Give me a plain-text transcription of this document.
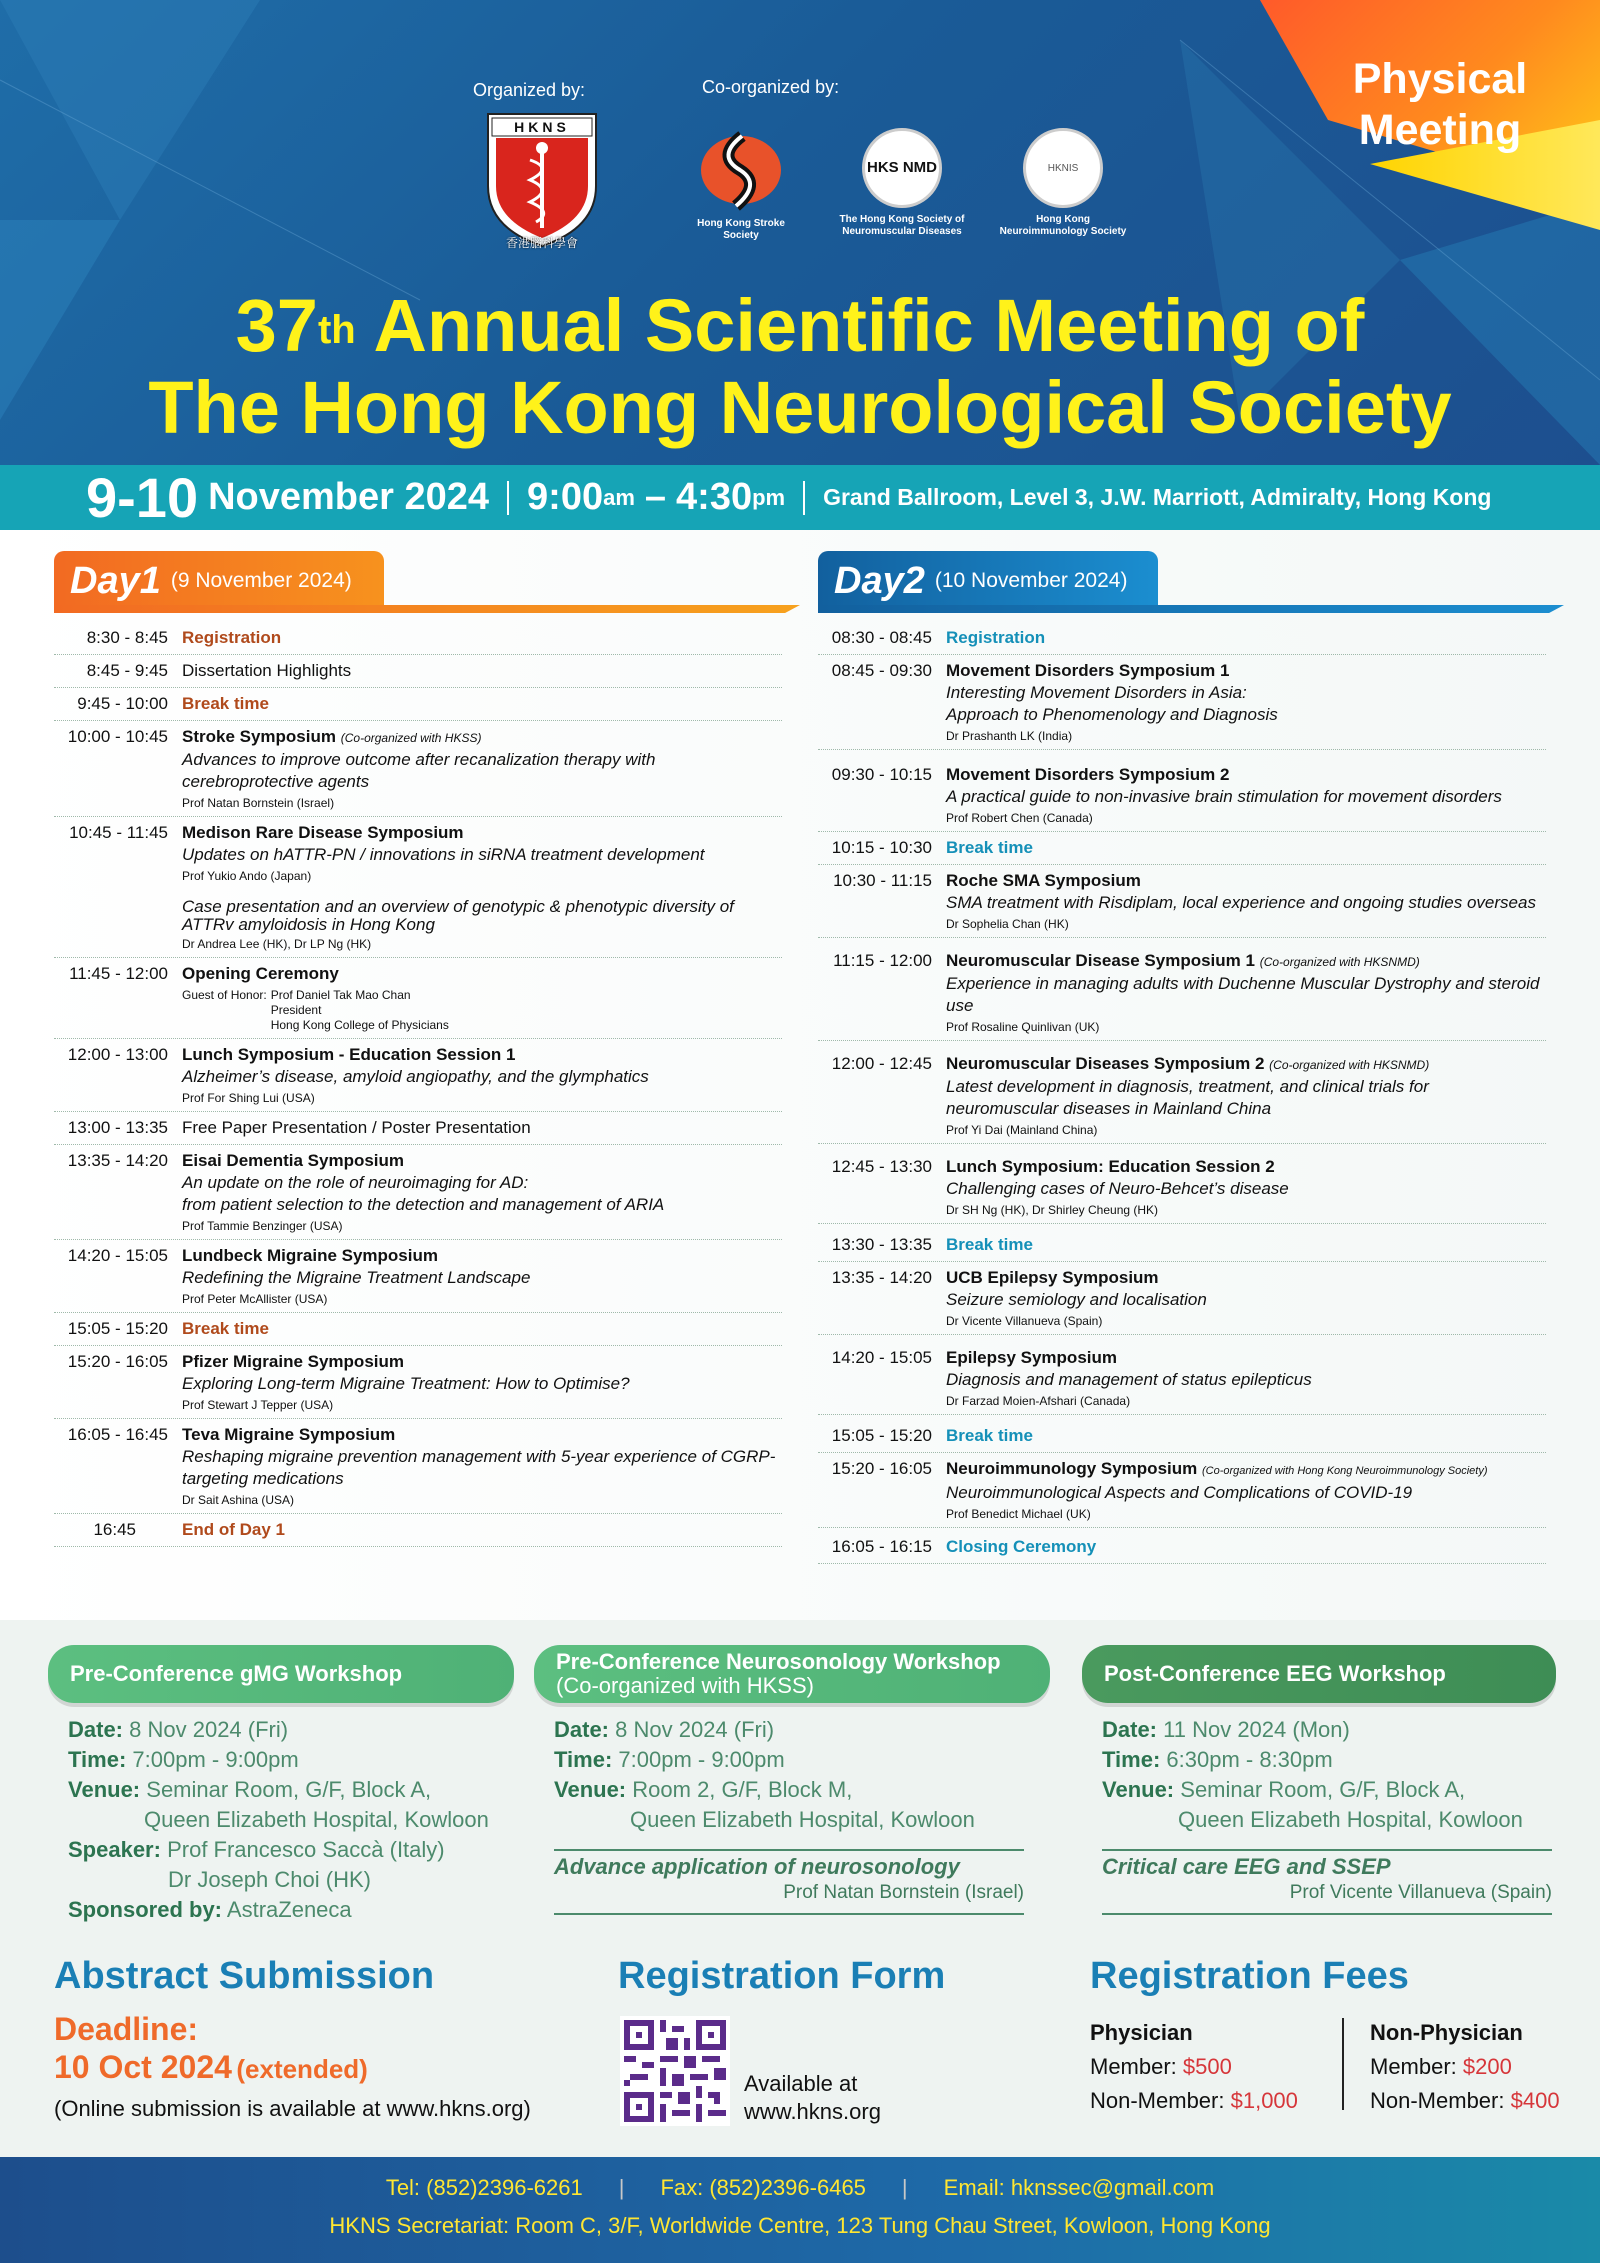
Physical
Meeting
Organized by:	Co-organized by:
HKNS
香港腦科學會
Hong Kong Stroke Society
HKS NMD
The Hong Kong Society of Neuromuscular Diseases
HKNIS
Hong Kong Neuroimmunology Society
37th Annual Scientific Meeting of
The Hong Kong Neurological Society
9-10 November 2024 9:00 am – 4:30 pm Grand Ballroom, Level 3, J.W. Marriott, Admiralty, Hong Kong
Day1 (9 November 2024)	Day2 (10 November 2024)
8:30 - 8:45 Registration
8:45 - 9:45 Dissertation Highlights
9:45 - 10:00 Break time
10:00 - 10:45 Stroke Symposium (Co-organized with HKSS)
Advances to improve outcome after recanalization therapy with cerebroprotective agents
Prof Natan Bornstein (Israel)
10:45 - 11:45 Medison Rare Disease Symposium
Updates on hATTR-PN / innovations in siRNA treatment development
Prof Yukio Ando (Japan)
Case presentation and an overview of genotypic & phenotypic diversity of ATTRv amyloidosis in Hong Kong
Dr Andrea Lee (HK), Dr LP Ng (HK)
11:45 - 12:00 Opening Ceremony
Guest of Honor: Prof Daniel Tak Mao Chan
President
Hong Kong College of Physicians
12:00 - 13:00 Lunch Symposium - Education Session 1
Alzheimer’s disease, amyloid angiopathy, and the glymphatics
Prof For Shing Lui (USA)
13:00 - 13:35 Free Paper Presentation / Poster Presentation
13:35 - 14:20 Eisai Dementia Symposium
An update on the role of neuroimaging for AD:
from patient selection to the detection and management of ARIA
Prof Tammie Benzinger (USA)
14:20 - 15:05 Lundbeck Migraine Symposium
Redefining the Migraine Treatment Landscape
Prof Peter McAllister (USA)
15:05 - 15:20 Break time
15:20 - 16:05 Pfizer Migraine Symposium
Exploring Long-term Migraine Treatment: How to Optimise?
Prof Stewart J Tepper (USA)
16:05 - 16:45 Teva Migraine Symposium
Reshaping migraine prevention management with 5-year experience of CGRP-targeting medications
Dr Sait Ashina (USA)
16:45	End of Day 1
08:30 - 08:45 Registration
08:45 - 09:30 Movement Disorders Symposium 1
Interesting Movement Disorders in Asia:
Approach to Phenomenology and Diagnosis
Dr Prashanth LK (India)
09:30 - 10:15 Movement Disorders Symposium 2
A practical guide to non-invasive brain stimulation for movement disorders
Prof Robert Chen (Canada)
10:15 - 10:30 Break time
10:30 - 11:15 Roche SMA Symposium
SMA treatment with Risdiplam, local experience and ongoing studies overseas
Dr Sophelia Chan (HK)
11:15 - 12:00 Neuromuscular Disease Symposium 1 (Co-organized with HKSNMD)
Experience in managing adults with Duchenne Muscular Dystrophy and steroid use
Prof Rosaline Quinlivan (UK)
12:00 - 12:45 Neuromuscular Diseases Symposium 2 (Co-organized with HKSNMD)
Latest development in diagnosis, treatment, and clinical trials for neuromuscular diseases in Mainland China
Prof Yi Dai (Mainland China)
12:45 - 13:30 Lunch Symposium: Education Session 2
Challenging cases of Neuro-Behcet’s disease
Dr SH Ng (HK), Dr Shirley Cheung (HK)
13:30 - 13:35 Break time
13:35 - 14:20 UCB Epilepsy Symposium
Seizure semiology and localisation
Dr Vicente Villanueva (Spain)
14:20 - 15:05 Epilepsy Symposium
Diagnosis and management of status epilepticus
Dr Farzad Moien-Afshari (Canada)
15:05 - 15:20 Break time
15:20 - 16:05 Neuroimmunology Symposium (Co-organized with Hong Kong Neuroimmunology Society)
Neuroimmunological Aspects and Complications of COVID-19
Prof Benedict Michael (UK)
16:05 - 16:15 Closing Ceremony
Pre-Conference gMG Workshop
Date: 8 Nov 2024 (Fri)
Time: 7:00pm - 9:00pm
Venue: Seminar Room, G/F, Block A,
Queen Elizabeth Hospital, Kowloon
Speaker: Prof Francesco Saccà (Italy)
Dr Joseph Choi (HK)
Sponsored by: AstraZeneca
Pre-Conference Neurosonology Workshop
(Co-organized with HKSS)
Date: 8 Nov 2024 (Fri)
Time: 7:00pm - 9:00pm
Venue: Room 2, G/F, Block M,
Queen Elizabeth Hospital, Kowloon
Advance application of neurosonology
Prof Natan Bornstein (Israel)
Post-Conference EEG Workshop
Date: 11 Nov 2024 (Mon)
Time: 6:30pm - 8:30pm
Venue: Seminar Room, G/F, Block A,
Queen Elizabeth Hospital, Kowloon
Critical care EEG and SSEP
Prof Vicente Villanueva (Spain)
Abstract Submission
Deadline:
10 Oct 2024 (extended)
(Online submission is available at www.hkns.org)
Registration Form
Available at
www.hkns.org
Registration Fees
Physician
Member: $500
Non-Member: $1,000
Non-Physician
Member: $200
Non-Member: $400
Tel: (852)2396-6261 | Fax: (852)2396-6465 | Email: hknssec@gmail.com
HKNS Secretariat: Room C, 3/F, Worldwide Centre, 123 Tung Chau Street, Kowloon, Hong Kong
